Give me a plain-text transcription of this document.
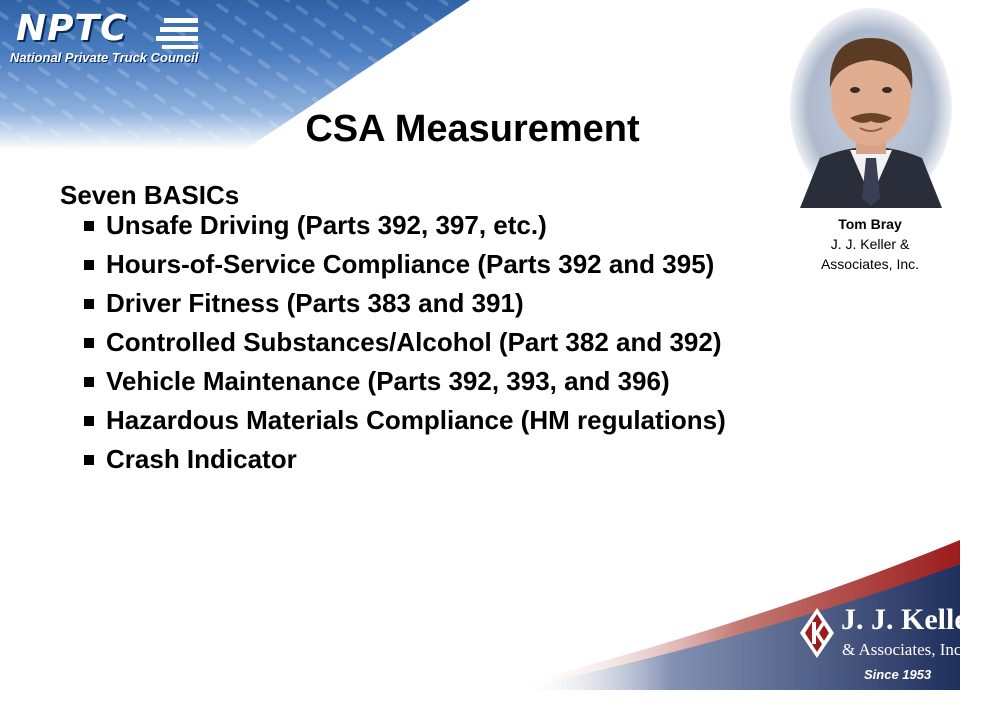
NPTC
National Private Truck Council
CSA Measurement
Seven BASICs
Unsafe Driving (Parts 392, 397, etc.)
Hours-of-Service Compliance (Parts 392 and 395)
Driver Fitness (Parts 383 and 391)
Controlled Substances/Alcohol (Part 382 and 392)
Vehicle Maintenance (Parts 392, 393, and 396)
Hazardous Materials Compliance (HM regulations)
Crash Indicator
Tom Bray
J. J. Keller &
Associates, Inc.
J. J. Keller
& Associates, Inc.
Since 1953
